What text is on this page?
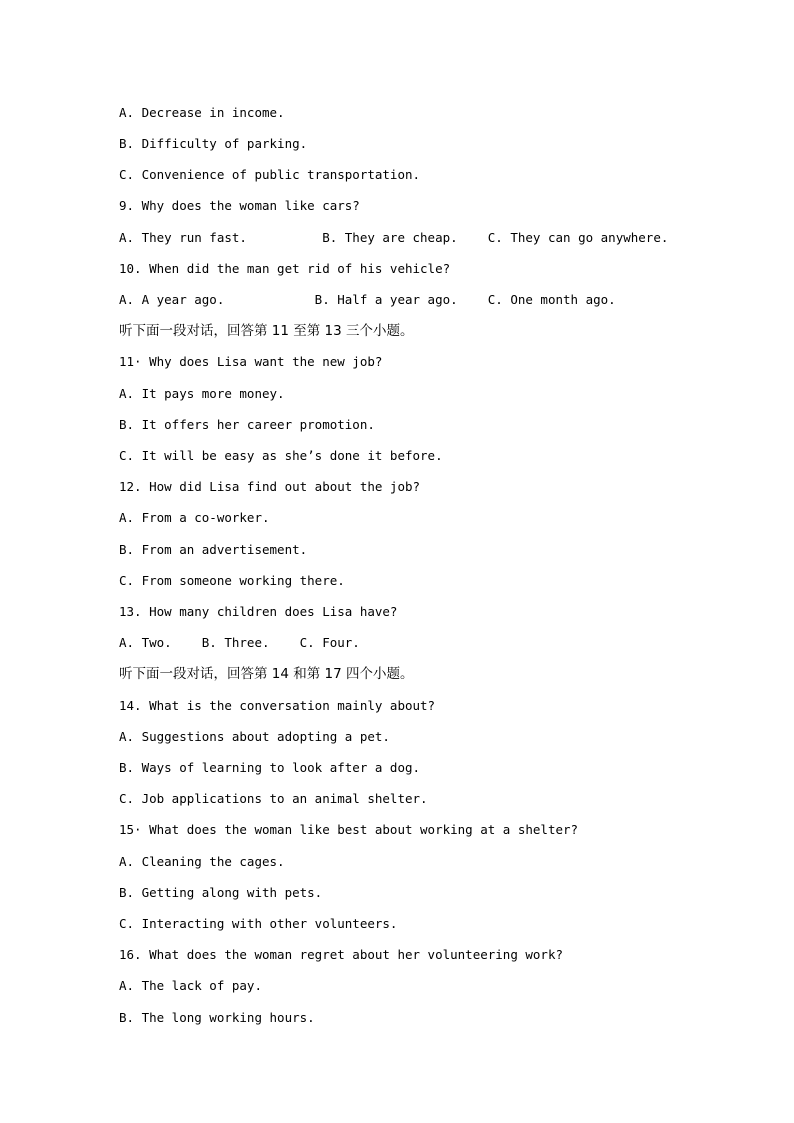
A. Decrease in income.
B. Difficulty of parking.
C. Convenience of public transportation.
9. Why does the woman like cars?
A. They run fast.          B. They are cheap.    C. They can go anywhere.
10. When did the man get rid of his vehicle?
A. A year ago.            B. Half a year ago.    C. One month ago.
听下面一段对话，回答第 11 至第 13 三个小题。
11· Why does Lisa want the new job?
A. It pays more money.
B. It offers her career promotion.
C. It will be easy as she’s done it before.
12. How did Lisa find out about the job?
A. From a co-worker.
B. From an advertisement.
C. From someone working there.
13. How many children does Lisa have?
A. Two.    B. Three.    C. Four.
听下面一段对话，回答第 14 和第 17 四个小题。
14. What is the conversation mainly about?
A. Suggestions about adopting a pet.
B. Ways of learning to look after a dog.
C. Job applications to an animal shelter.
15· What does the woman like best about working at a shelter?
A. Cleaning the cages.
B. Getting along with pets.
C. Interacting with other volunteers.
16. What does the woman regret about her volunteering work?
A. The lack of pay.
B. The long working hours.
